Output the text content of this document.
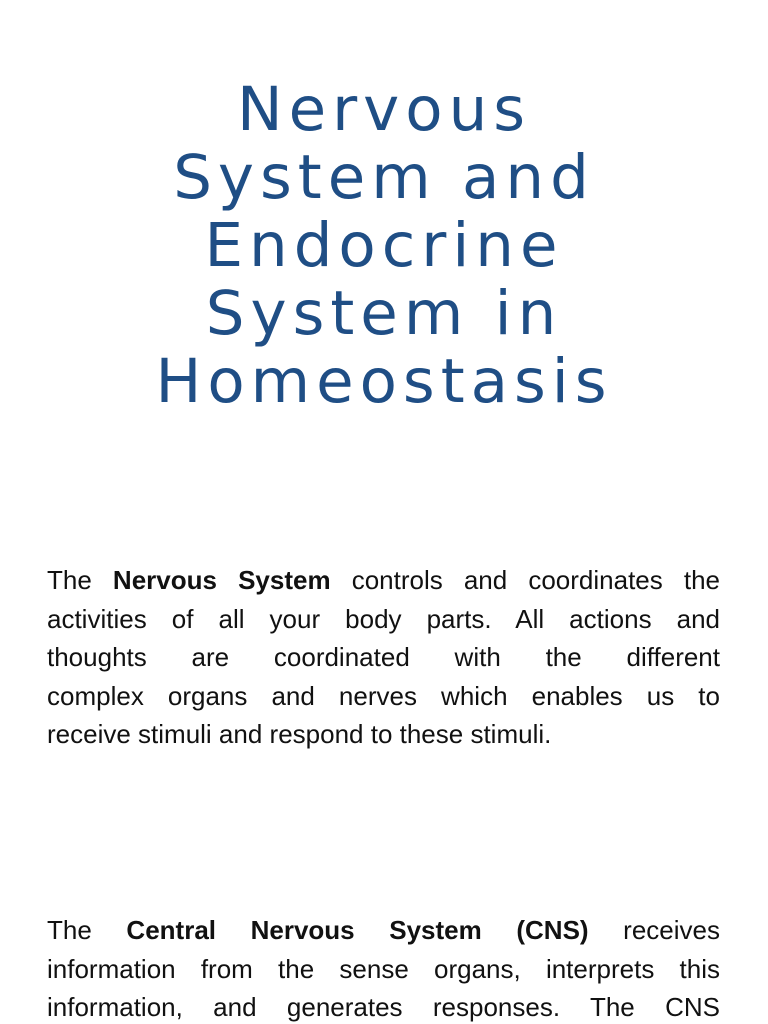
Nervous
System and
Endocrine
System in
Homeostasis

The Nervous System controls and coordinates the
activities of all your body parts. All actions and
thoughts are coordinated with the different
complex organs and nerves which enables us to
receive stimuli and respond to these stimuli.

The Central Nervous System (CNS) receives
information from the sense organs, interprets this
information, and generates responses. The CNS
